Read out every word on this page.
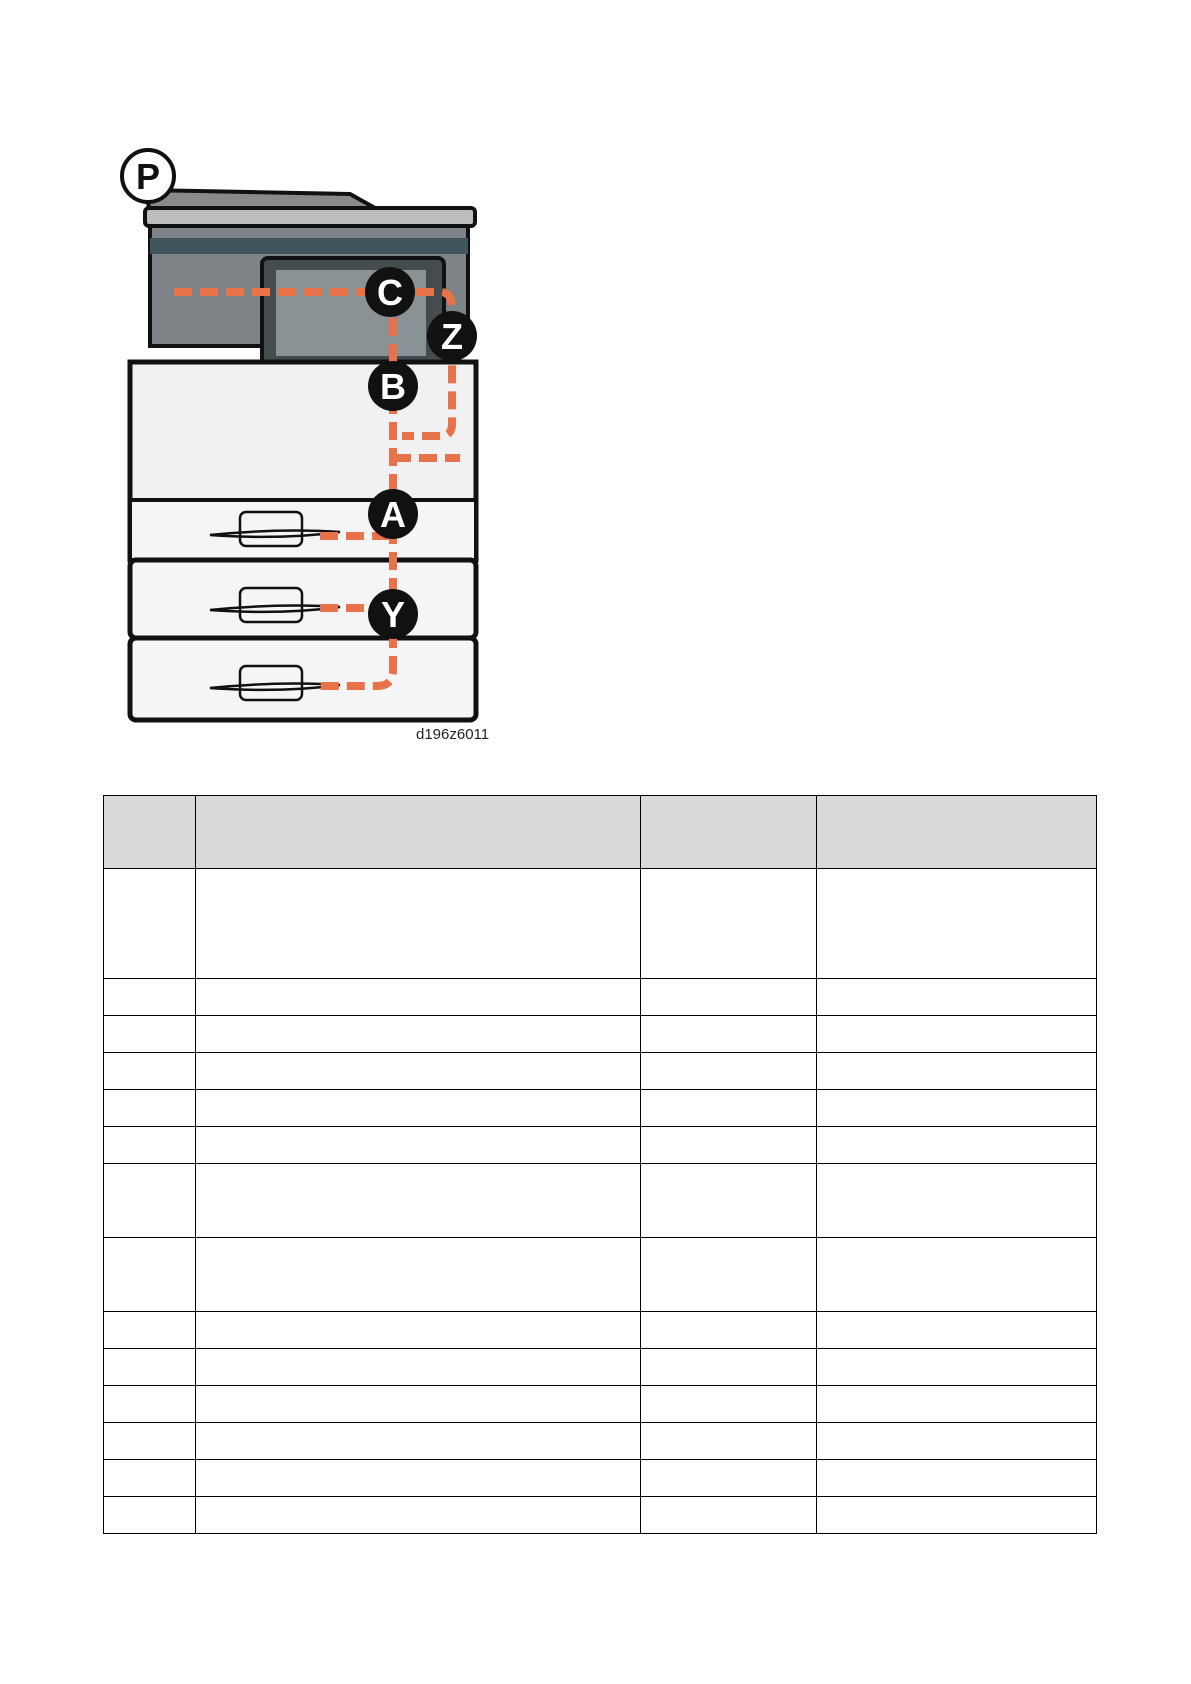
P
C
Z
B
A
Y
d196z6011
